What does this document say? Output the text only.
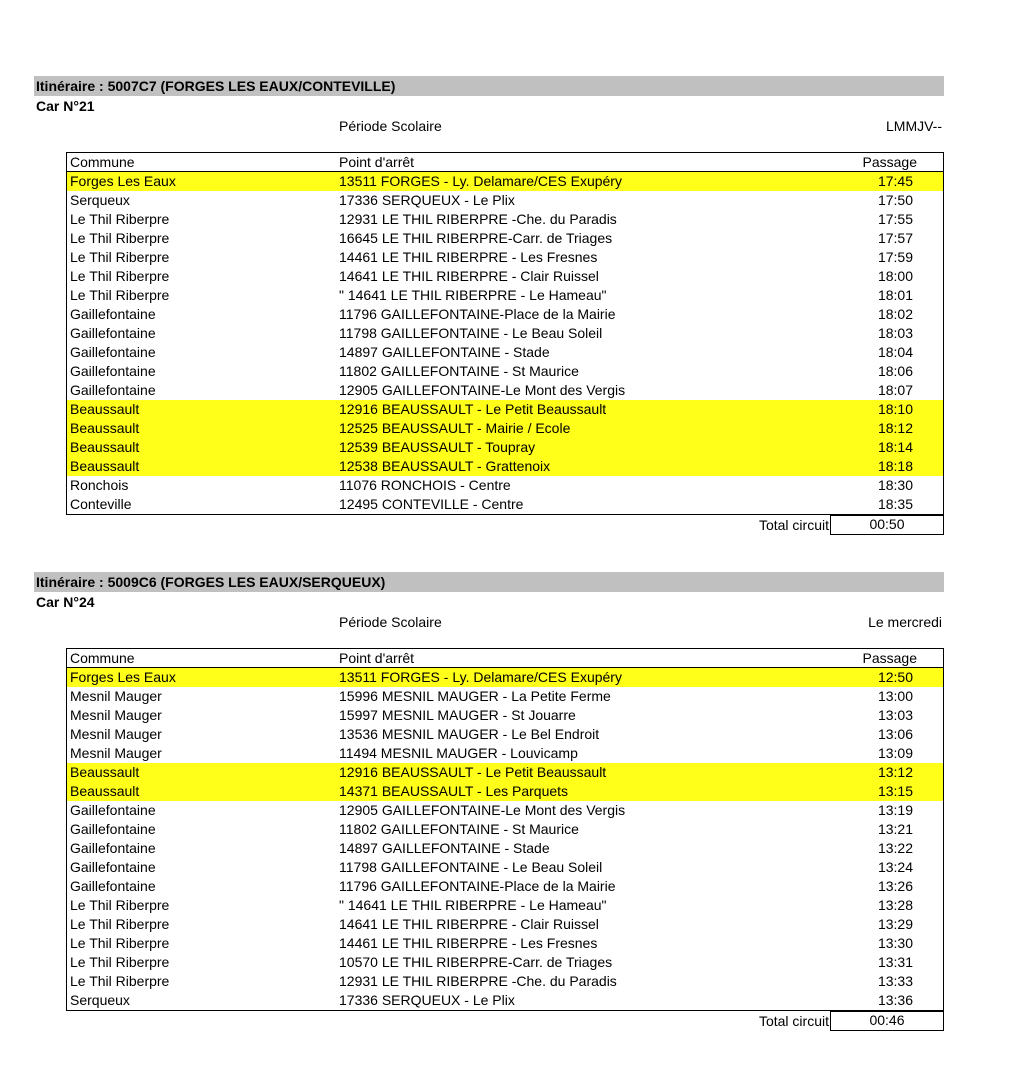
Itinéraire : 5007C7 (FORGES LES EAUX/CONTEVILLE)
Car N°21
Période Scolaire	LMMJV--
Commune	Point d'arrêt	Passage
Forges Les Eaux	13511 FORGES - Ly. Delamare/CES Exupéry	17:45
Serqueux	17336 SERQUEUX - Le Plix	17:50
Le Thil Riberpre	12931 LE THIL RIBERPRE -Che. du Paradis	17:55
Le Thil Riberpre	16645 LE THIL RIBERPRE-Carr. de Triages	17:57
Le Thil Riberpre	14461 LE THIL RIBERPRE - Les Fresnes	17:59
Le Thil Riberpre	14641 LE THIL RIBERPRE - Clair Ruissel	18:00
Le Thil Riberpre	" 14641 LE THIL RIBERPRE - Le Hameau"	18:01
Gaillefontaine	11796 GAILLEFONTAINE-Place de la Mairie	18:02
Gaillefontaine	11798 GAILLEFONTAINE - Le Beau Soleil	18:03
Gaillefontaine	14897 GAILLEFONTAINE - Stade	18:04
Gaillefontaine	11802 GAILLEFONTAINE - St Maurice	18:06
Gaillefontaine	12905 GAILLEFONTAINE-Le Mont des Vergis	18:07
Beaussault	12916 BEAUSSAULT - Le Petit Beaussault	18:10
Beaussault	12525 BEAUSSAULT - Mairie / Ecole	18:12
Beaussault	12539 BEAUSSAULT - Toupray	18:14
Beaussault	12538 BEAUSSAULT - Grattenoix	18:18
Ronchois	11076 RONCHOIS - Centre	18:30
Conteville	12495 CONTEVILLE - Centre	18:35
Total circuit	00:50
Itinéraire : 5009C6 (FORGES LES EAUX/SERQUEUX)
Car N°24
Période Scolaire	Le mercredi
Commune	Point d'arrêt	Passage
Forges Les Eaux	13511 FORGES - Ly. Delamare/CES Exupéry	12:50
Mesnil Mauger	15996 MESNIL MAUGER - La Petite Ferme	13:00
Mesnil Mauger	15997 MESNIL MAUGER - St Jouarre	13:03
Mesnil Mauger	13536 MESNIL MAUGER - Le Bel Endroit	13:06
Mesnil Mauger	11494 MESNIL MAUGER - Louvicamp	13:09
Beaussault	12916 BEAUSSAULT - Le Petit Beaussault	13:12
Beaussault	14371 BEAUSSAULT - Les Parquets	13:15
Gaillefontaine	12905 GAILLEFONTAINE-Le Mont des Vergis	13:19
Gaillefontaine	11802 GAILLEFONTAINE - St Maurice	13:21
Gaillefontaine	14897 GAILLEFONTAINE - Stade	13:22
Gaillefontaine	11798 GAILLEFONTAINE - Le Beau Soleil	13:24
Gaillefontaine	11796 GAILLEFONTAINE-Place de la Mairie	13:26
Le Thil Riberpre	" 14641 LE THIL RIBERPRE - Le Hameau"	13:28
Le Thil Riberpre	14641 LE THIL RIBERPRE - Clair Ruissel	13:29
Le Thil Riberpre	14461 LE THIL RIBERPRE - Les Fresnes	13:30
Le Thil Riberpre	10570 LE THIL RIBERPRE-Carr. de Triages	13:31
Le Thil Riberpre	12931 LE THIL RIBERPRE -Che. du Paradis	13:33
Serqueux	17336 SERQUEUX - Le Plix	13:36
Total circuit	00:46
